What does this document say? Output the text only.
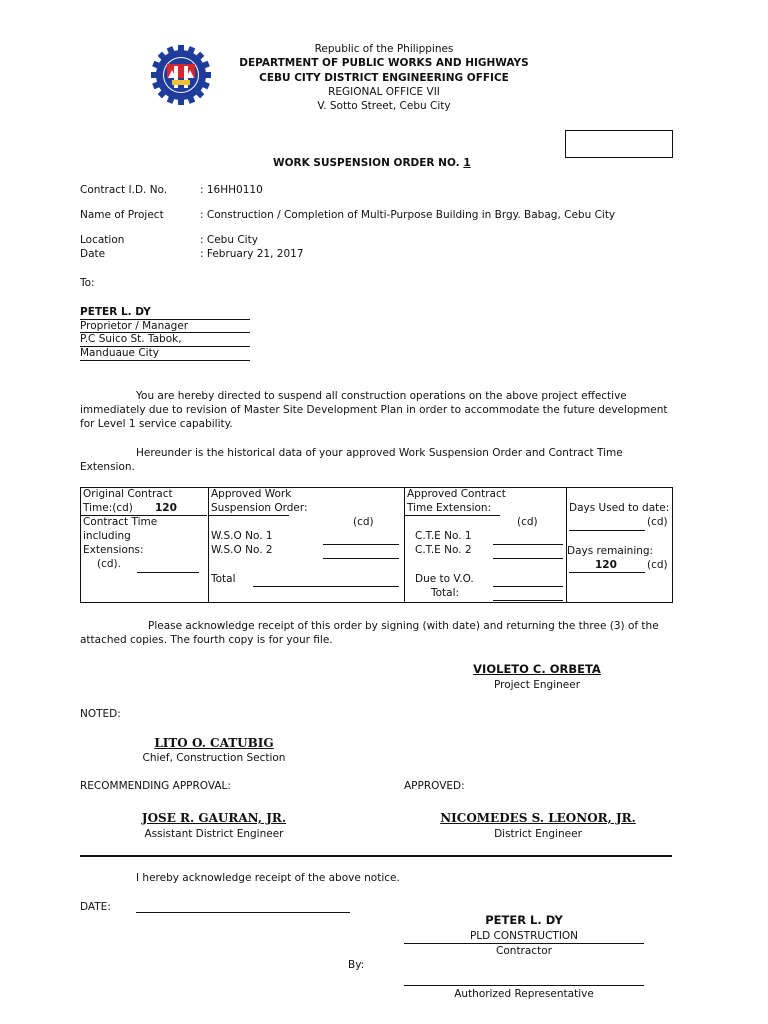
Republic of the Philippines
DEPARTMENT OF PUBLIC WORKS AND HIGHWAYS
CEBU CITY DISTRICT ENGINEERING OFFICE
REGIONAL OFFICE VII
V. Sotto Street, Cebu City
WORK SUSPENSION ORDER NO. 1
Contract I.D. No.	: 16HH0110
Name of Project	: Construction / Completion of Multi-Purpose Building in Brgy. Babag, Cebu City
Location	: Cebu City
Date	: February 21, 2017
To:
PETER L. DY
Proprietor / Manager
P.C Suico St. Tabok,
Manduaue City
You are hereby directed to suspend all construction operations on the above project effective immediately due to revision of Master Site Development Plan in order to accommodate the future development for Level 1 service capability.
Hereunder is the historical data of your approved Work Suspension Order and Contract Time Extension.
Original Contract
Time:(cd) 120
Contract Time
including
Extensions:
(cd).

Approved Work
Suspension Order:
(cd)
W.S.O No. 1
W.S.O No. 2
Total

Approved Contract
Time Extension:
(cd)
C.T.E No. 1
C.T.E No. 2
Due to V.O.
Total:

Days Used to date:
(cd)
Days remaining:
120	(cd)
Please acknowledge receipt of this order by signing (with date) and returning the three (3) of the attached copies. The fourth copy is for your file.
VIOLETO C. ORBETA
Project Engineer
NOTED:
LITO O. CATUBIG
Chief, Construction Section
RECOMMENDING APPROVAL:	APPROVED:
JOSE R. GAURAN, JR.
Assistant District Engineer
NICOMEDES S. LEONOR, JR.
District Engineer
I hereby acknowledge receipt of the above notice.
DATE:
PETER L. DY
PLD CONSTRUCTION
Contractor
By:
Authorized Representative
